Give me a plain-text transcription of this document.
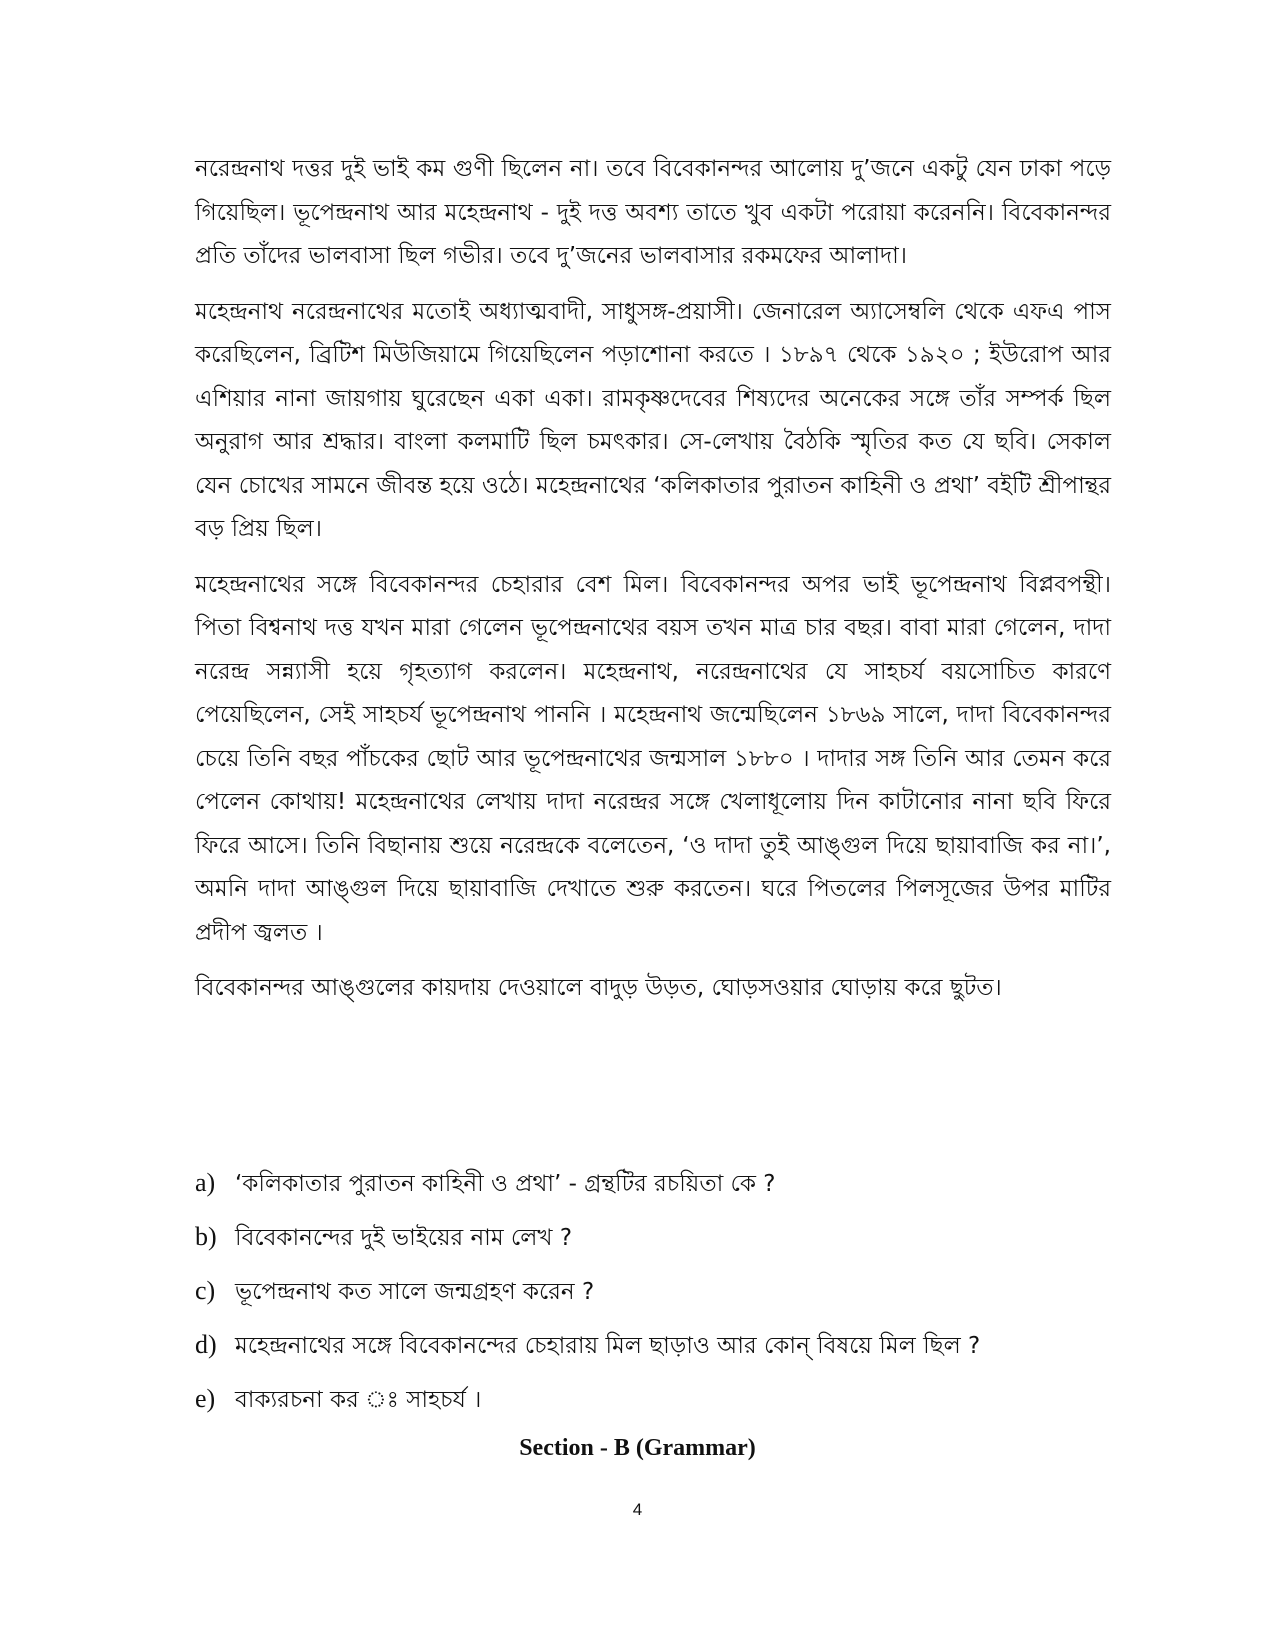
নরেন্দ্রনাথ দত্তর দুই ভাই কম গুণী ছিলেন না। তবে বিবেকানন্দর আলোয় দু’জনে একটু যেন ঢাকা পড়ে গিয়েছিল। ভূপেন্দ্রনাথ আর মহেন্দ্রনাথ - দুই দত্ত অবশ্য তাতে খুব একটা পরোয়া করেননি। বিবেকানন্দর প্রতি তাঁদের ভালবাসা ছিল গভীর। তবে দু’জনের ভালবাসার রকমফের আলাদা।

মহেন্দ্রনাথ নরেন্দ্রনাথের মতোই অধ্যাত্মবাদী, সাধুসঙ্গ-প্রয়াসী। জেনারেল অ্যাসেম্বলি থেকে এফএ পাস করেছিলেন, ব্রিটিশ মিউজিয়ামে গিয়েছিলেন পড়াশোনা করতে । ১৮৯৭ থেকে ১৯২০ ; ইউরোপ আর এশিয়ার নানা জায়গায় ঘুরেছেন একা একা। রামকৃষ্ণদেবের শিষ্যদের অনেকের সঙ্গে তাঁর সম্পর্ক ছিল অনুরাগ আর শ্রদ্ধার। বাংলা কলমাটি ছিল চমৎকার। সে-লেখায় বৈঠকি স্মৃতির কত যে ছবি। সেকাল যেন চোখের সামনে জীবন্ত হয়ে ওঠে। মহেন্দ্রনাথের ‘কলিকাতার পুরাতন কাহিনী ও প্রথা’ বইটি শ্রীপান্থর বড় প্রিয় ছিল।

মহেন্দ্রনাথের সঙ্গে বিবেকানন্দর চেহারার বেশ মিল। বিবেকানন্দর অপর ভাই ভূপেন্দ্রনাথ বিপ্লবপন্থী। পিতা বিশ্বনাথ দত্ত যখন মারা গেলেন ভূপেন্দ্রনাথের বয়স তখন মাত্র চার বছর। বাবা মারা গেলেন, দাদা নরেন্দ্র সন্ন্যাসী হয়ে গৃহত্যাগ করলেন। মহেন্দ্রনাথ, নরেন্দ্রনাথের যে সাহচর্য বয়সোচিত কারণে পেয়েছিলেন, সেই সাহচর্য ভূপেন্দ্রনাথ পাননি । মহেন্দ্রনাথ জন্মেছিলেন ১৮৬৯ সালে, দাদা বিবেকানন্দর চেয়ে তিনি বছর পাঁচকের ছোট আর ভূপেন্দ্রনাথের জন্মসাল ১৮৮০ । দাদার সঙ্গ তিনি আর তেমন করে পেলেন কোথায়! মহেন্দ্রনাথের লেখায় দাদা নরেন্দ্রর সঙ্গে খেলাধূলোয় দিন কাটানোর নানা ছবি ফিরে ফিরে আসে। তিনি বিছানায় শুয়ে নরেন্দ্রকে বলেতেন, ‘ও দাদা তুই আঙ্গুল দিয়ে ছায়াবাজি কর না।’, অমনি দাদা আঙ্গুল দিয়ে ছায়াবাজি দেখাতে শুরু করতেন। ঘরে পিতলের পিলসূজের উপর মাটির প্রদীপ জ্বলত ।

বিবেকানন্দর আঙ্গুলের কায়দায় দেওয়ালে বাদুড় উড়ত, ঘোড়সওয়ার ঘোড়ায় করে ছুটত।

a) ‘কলিকাতার পুরাতন কাহিনী ও প্রথা’ - গ্রন্থটির রচয়িতা কে ?
b) বিবেকানন্দের দুই ভাইয়ের নাম লেখ ?
c) ভূপেন্দ্রনাথ কত সালে জন্মগ্রহণ করেন ?
d) মহেন্দ্রনাথের সঙ্গে বিবেকানন্দের চেহারায় মিল ছাড়াও আর কোন্ বিষয়ে মিল ছিল ?
e) বাক্যরচনা কর ঃ সাহচর্য ।
Section - B (Grammar)
4
